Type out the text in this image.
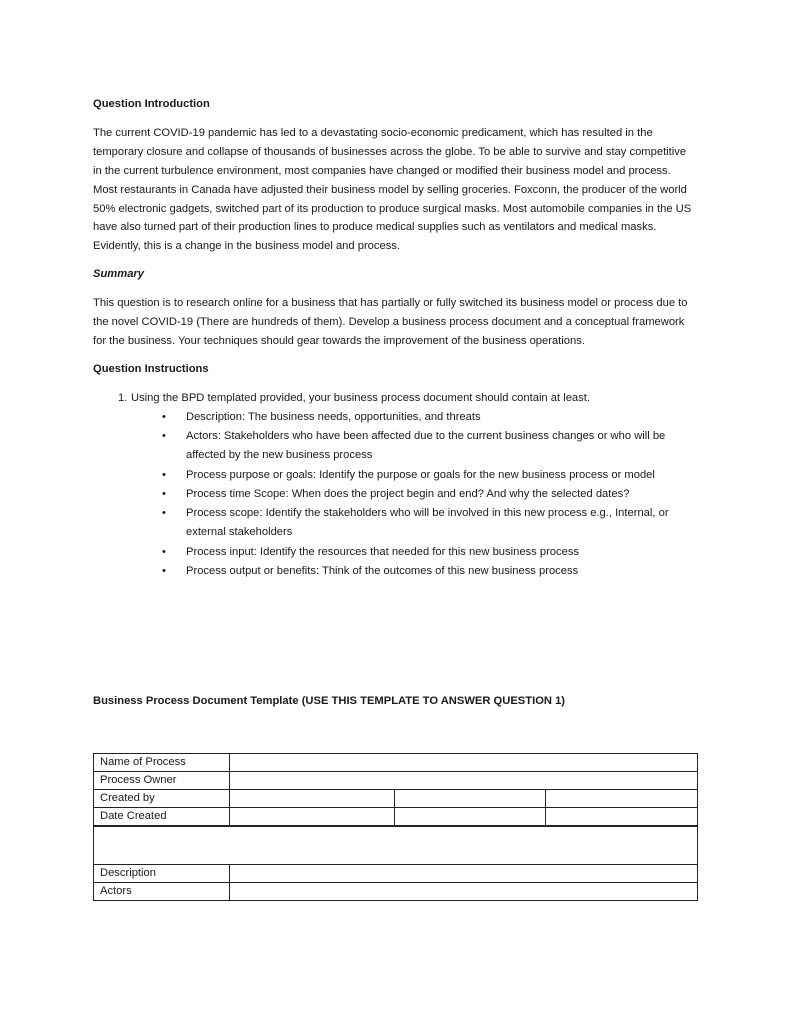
Question Introduction

The current COVID-19 pandemic has led to a devastating socio-economic predicament, which has resulted in the temporary closure and collapse of thousands of businesses across the globe. To be able to survive and stay competitive in the current turbulence environment, most companies have changed or modified their business model and process. Most restaurants in Canada have adjusted their business model by selling groceries. Foxconn, the producer of the world 50% electronic gadgets, switched part of its production to produce surgical masks. Most automobile companies in the US have also turned part of their production lines to produce medical supplies such as ventilators and medical masks. Evidently, this is a change in the business model and process.

Summary

This question is to research online for a business that has partially or fully switched its business model or process due to the novel COVID-19 (There are hundreds of them). Develop a business process document and a conceptual framework for the business. Your techniques should gear towards the improvement of the business operations.

Question Instructions

1. Using the BPD templated provided, your business process document should contain at least.
• Description: The business needs, opportunities, and threats
• Actors: Stakeholders who have been affected due to the current business changes or who will be affected by the new business process
• Process purpose or goals: Identify the purpose or goals for the new business process or model
• Process time Scope: When does the project begin and end? And why the selected dates?
• Process scope: Identify the stakeholders who will be involved in this new process e.g., Internal, or external stakeholders
• Process input: Identify the resources that needed for this new business process
• Process output or benefits: Think of the outcomes of this new business process
Business Process Document Template (USE THIS TEMPLATE TO ANSWER QUESTION 1)
Name of Process			
Process Owner			
Created by			
Date Created			

Description			
Actors			
